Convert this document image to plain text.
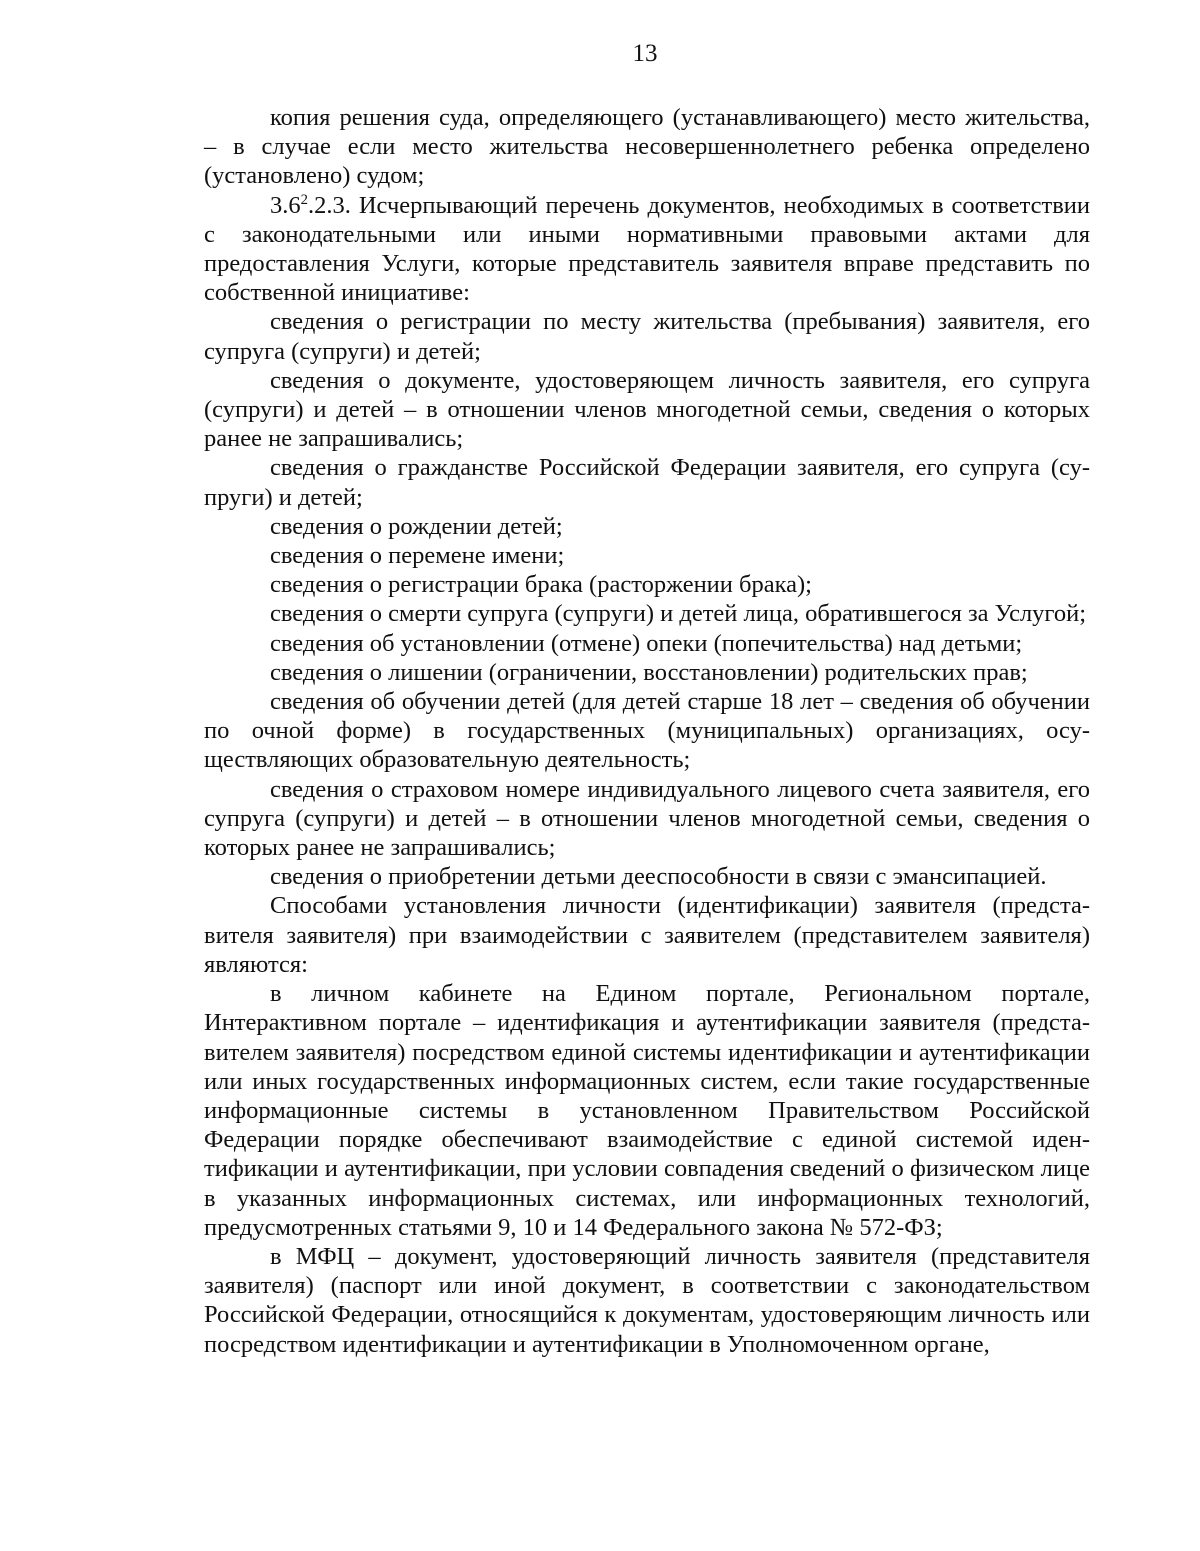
13

копия решения суда, определяющего (устанавливающего) место жительства, – в случае если место жительства несовершеннолетнего ребенка определено (установлено) судом;

$3.6^2.2.3$. Исчерпывающий перечень документов, необходимых в соответствии с законодательными или иными нормативными правовыми актами для предоставления Услуги, которые представитель заявителя вправе представить по собственной инициативе:

сведения о регистрации по месту жительства (пребывания) заявителя, его супруга (супруги) и детей;

сведения о документе, удостоверяющем личность заявителя, его супруга (супруги) и детей – в отношении членов многодетной семьи, сведения о которых ранее не запрашивались;

сведения о гражданстве Российской Федерации заявителя, его супруга (супруги) и детей;

сведения о рождении детей;

сведения о перемене имени;

сведения о регистрации брака (расторжении брака);

сведения о смерти супруга (супруги) и детей лица, обратившегося за Услугой;

сведения об установлении (отмене) опеки (попечительства) над детьми;

сведения о лишении (ограничении, восстановлении) родительских прав;

сведения об обучении детей (для детей старше 18 лет – сведения об обучении по очной форме) в государственных (муниципальных) организациях, осуществляющих образовательную деятельность;

сведения о страховом номере индивидуального лицевого счета заявителя, его супруга (супруги) и детей – в отношении членов многодетной семьи, сведения о которых ранее не запрашивались;

сведения о приобретении детьми дееспособности в связи с эмансипацией.

Способами установления личности (идентификации) заявителя (представителя заявителя) при взаимодействии с заявителем (представителем заявителя) являются:

в личном кабинете на Едином портале, Региональном портале, Интерактивном портале – идентификация и аутентификации заявителя (представителем заявителя) посредством единой системы идентификации и аутентификации или иных государственных информационных систем, если такие государственные информационные системы в установленном Правительством Российской Федерации порядке обеспечивают взаимодействие с единой системой идентификации и аутентификации, при условии совпадения сведений о физическом лице в указанных информационных системах, или информационных технологий, предусмотренных статьями 9, 10 и 14 Федерального закона № 572-ФЗ;

в МФЦ – документ, удостоверяющий личность заявителя (представителя заявителя) (паспорт или иной документ, в соответствии с законодательством Российской Федерации, относящийся к документам, удостоверяющим личность или посредством идентификации и аутентификации в Уполномоченном органе,
